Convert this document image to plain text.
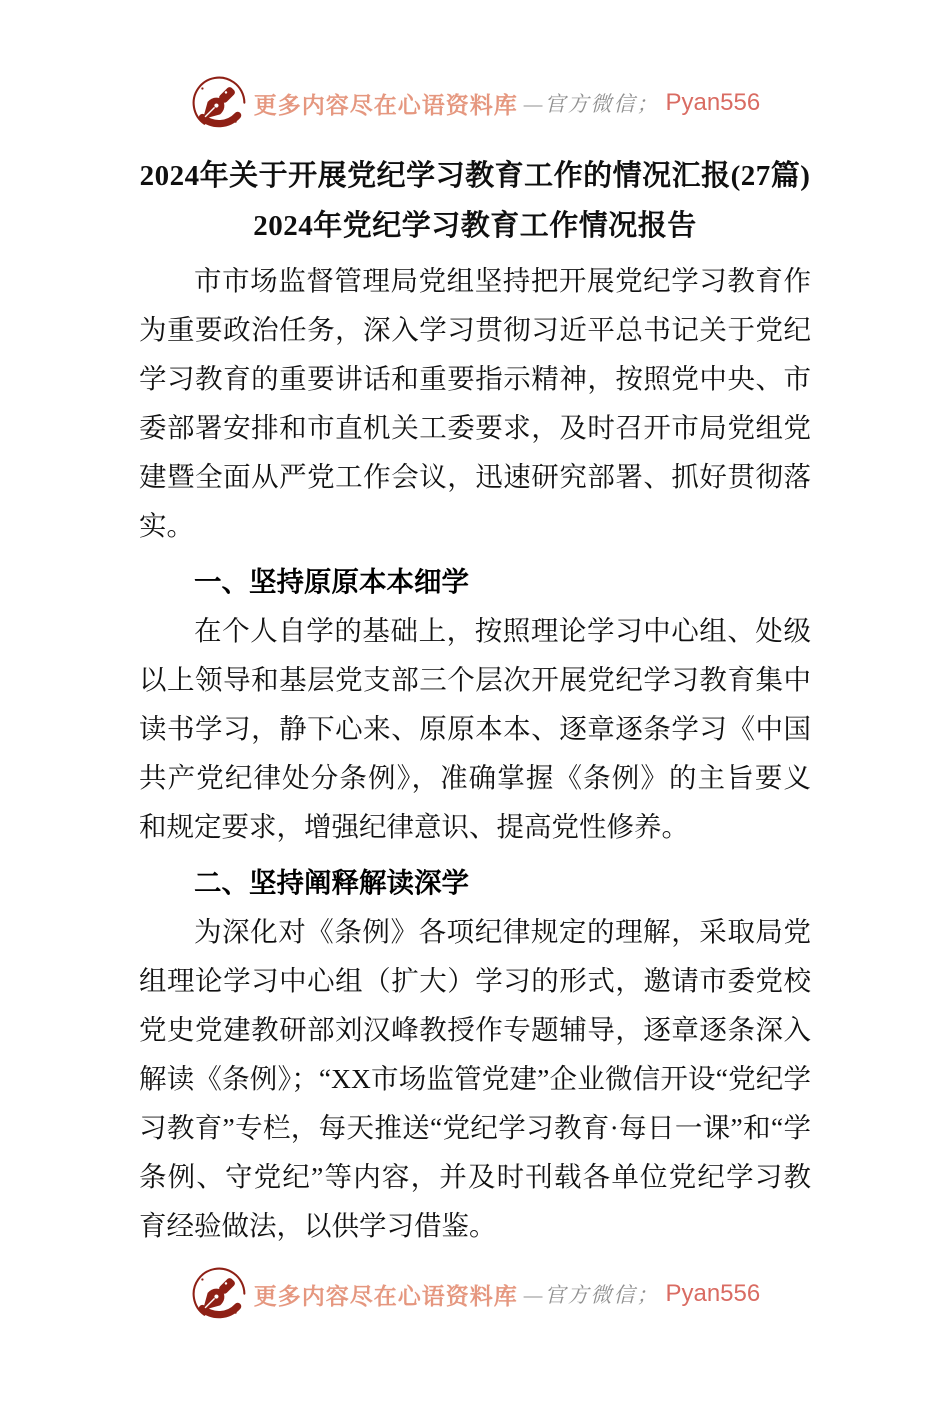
更多内容尽在心语资料库 —官方微信； Pyan556
2024年关于开展党纪学习教育工作的情况汇报(27篇)
2024年党纪学习教育工作情况报告

市市场监督管理局党组坚持把开展党纪学习教育作为重要政治任务，深入学习贯彻习近平总书记关于党纪学习教育的重要讲话和重要指示精神，按照党中央、市委部署安排和市直机关工委要求，及时召开市局党组党建暨全面从严党工作会议，迅速研究部署、抓好贯彻落实。

一、坚持原原本本细学

在个人自学的基础上，按照理论学习中心组、处级以上领导和基层党支部三个层次开展党纪学习教育集中读书学习，静下心来、原原本本、逐章逐条学习《中国共产党纪律处分条例》，准确掌握《条例》的主旨要义和规定要求，增强纪律意识、提高党性修养。

二、坚持阐释解读深学

为深化对《条例》各项纪律规定的理解，采取局党组理论学习中心组（扩大）学习的形式，邀请市委党校党史党建教研部刘汉峰教授作专题辅导，逐章逐条深入解读《条例》；“XX市场监管党建”企业微信开设“党纪学习教育”专栏，每天推送“党纪学习教育·每日一课”和“学条例、守党纪”等内容，并及时刊载各单位党纪学习教育经验做法，以供学习借鉴。

更多内容尽在心语资料库 —官方微信； Pyan556
